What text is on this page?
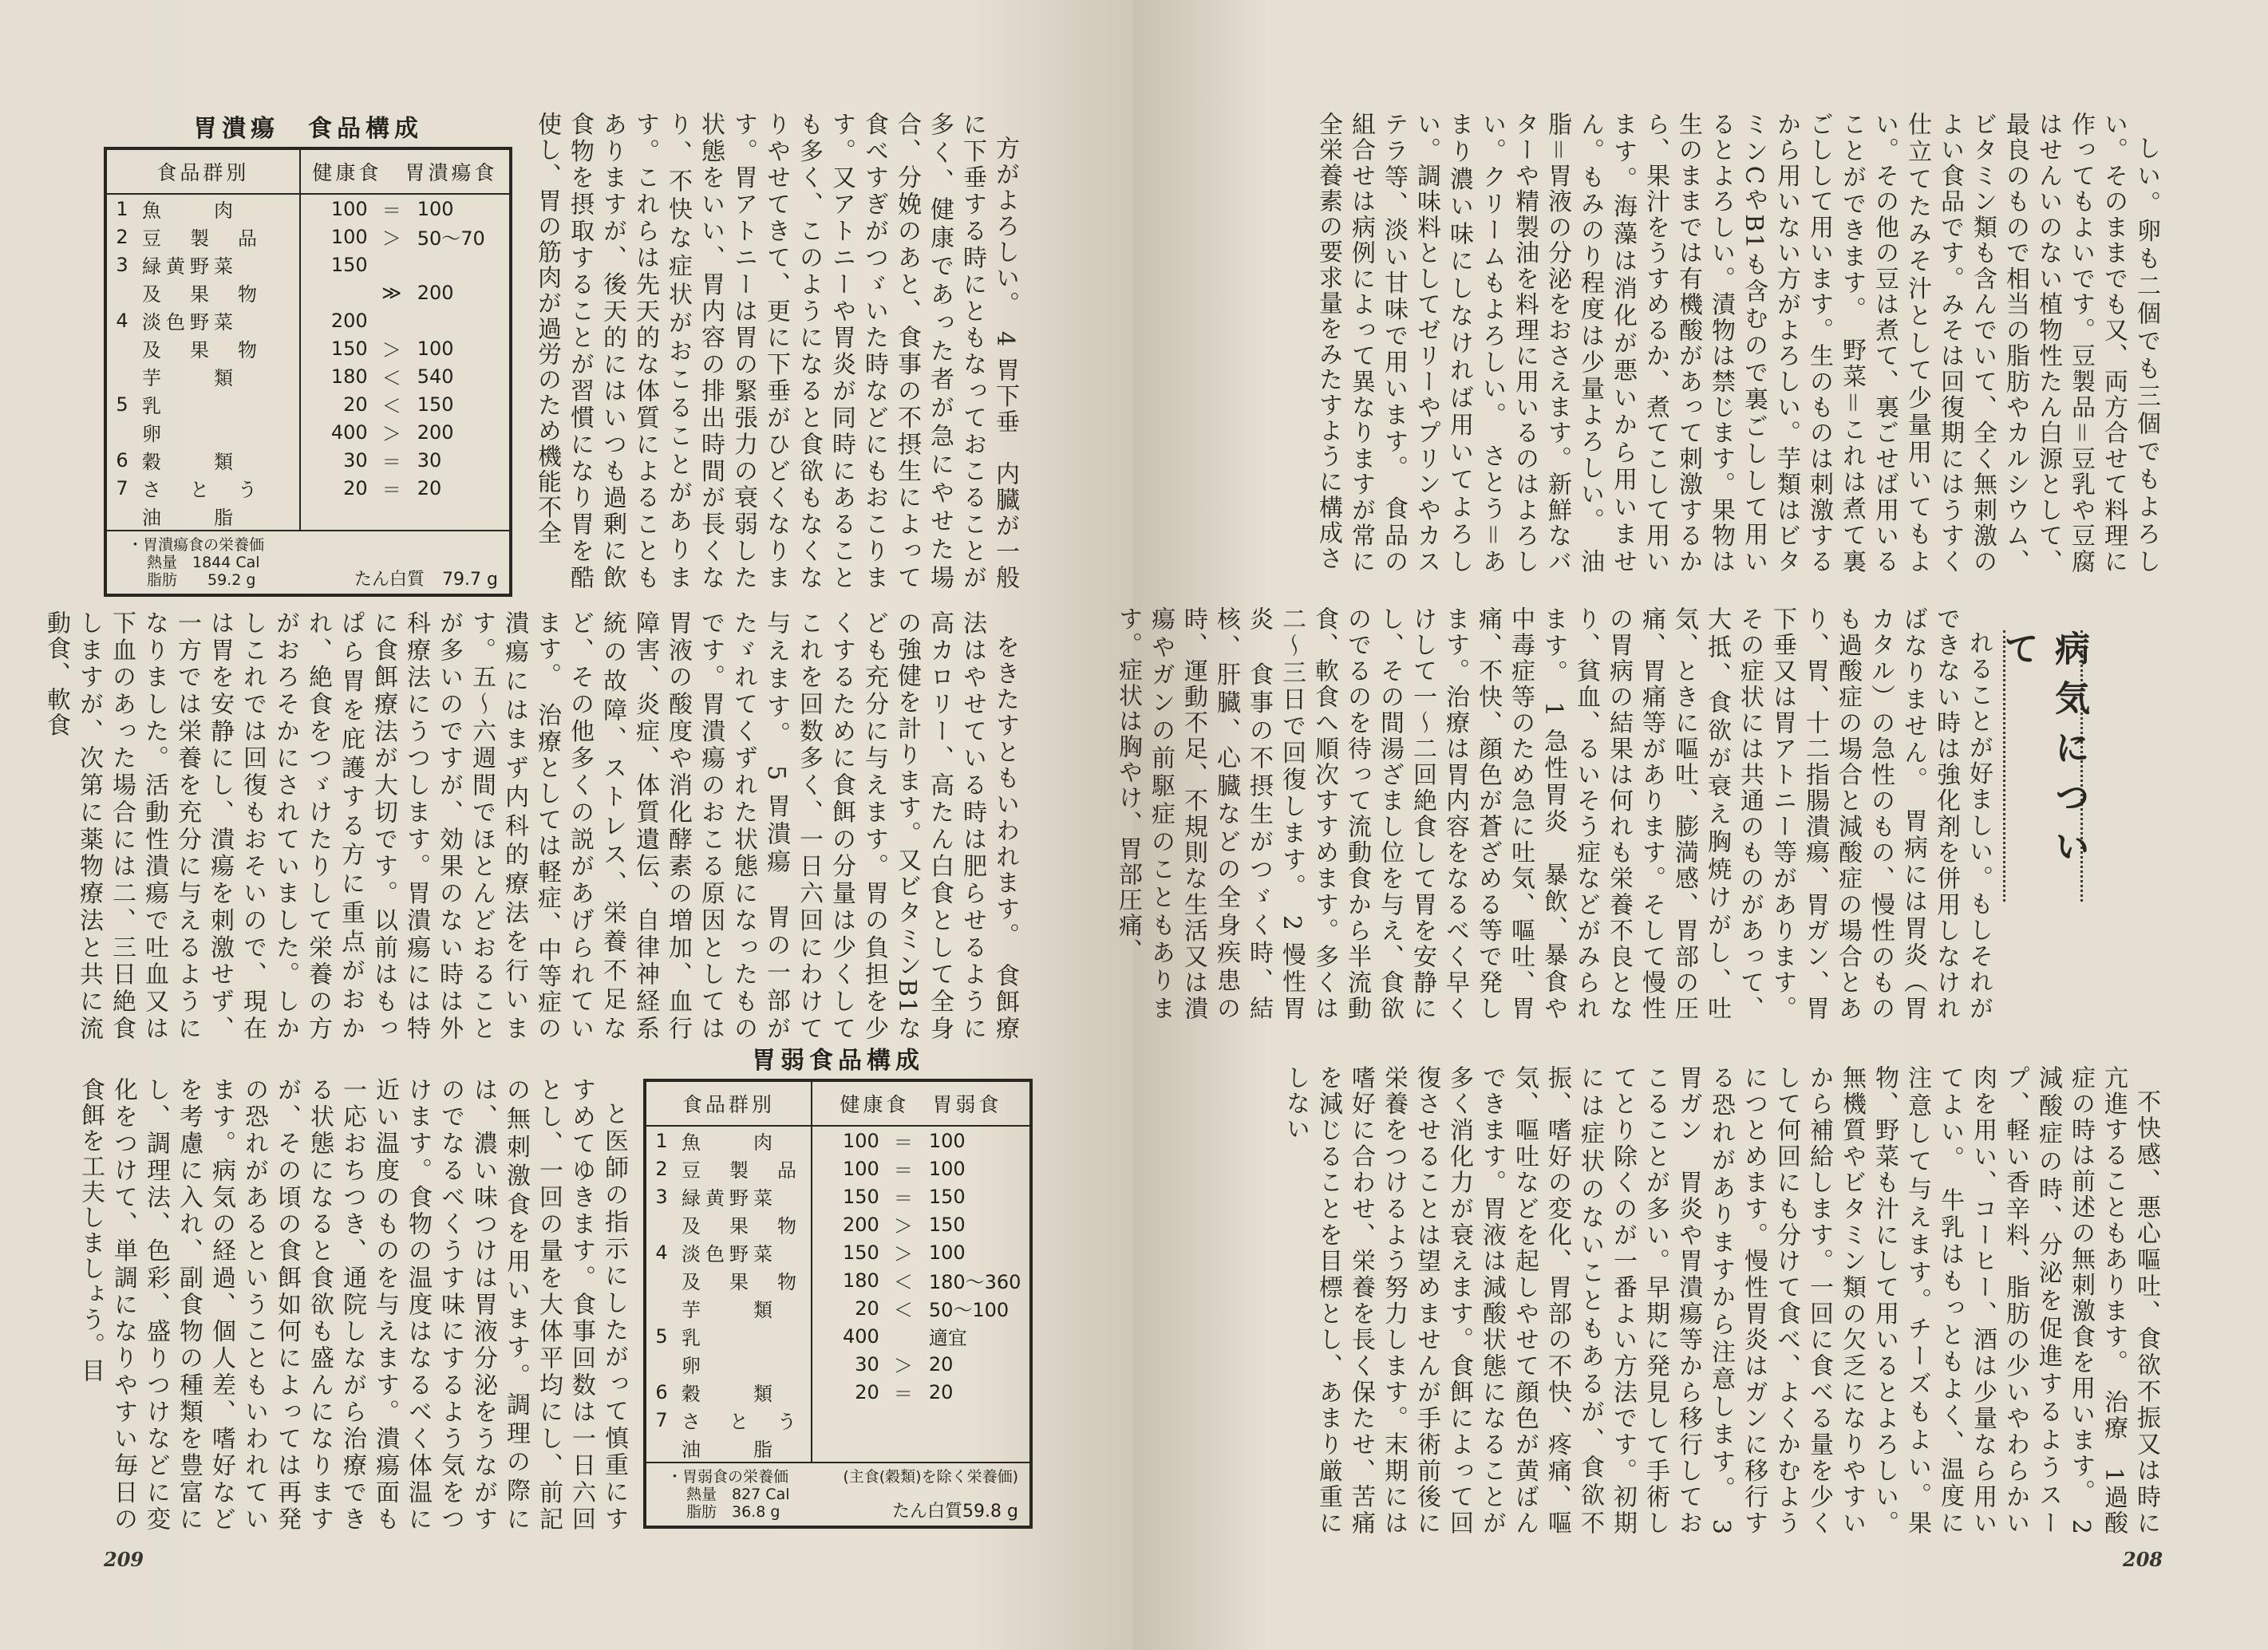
胃潰瘍　食品構成
食品群別		健康食　 胃潰瘍食		
1	魚　　肉	100	＝	100
2	豆　製　品	100	＞	50〜70
3	緑黄野菜	150		
	及　果　物		≫	200
4	淡色野菜	200		
	及　果　物	150	＞	100
	芋　　類	180	＜	540
5	乳	20	＜	150
	卵	400	＞	200
6	穀　　類	30	＝	30
7	さ　と　う	20	＝	20
	油　　脂			
・胃潰瘍食の栄養価
熱量　1844 Cal
脂肪　　59.2 g	たん白質　79.7 g	方がよろしい。　4 胃下垂　内臓が一般に下垂する時にともなっておこることが多く、健康であった者が急にやせた場合、分娩のあと、食事の不摂生によって食べすぎがつゞいた時などにもおこります。又アトニーや胃炎が同時にあることも多く、このようになると食欲もなくなりやせてきて、更に下垂がひどくなります。胃アトニーは胃の緊張力の衰弱した状態をいい、胃内容の排出時間が長くなり、不快な症状がおこることがあります。これらは先天的な体質によることもありますが、後天的にはいつも過剰に飲食物を摂取することが習慣になり胃を酷使し、胃の筋肉が過労のため機能不全

をきたすともいわれます。　食餌療法はやせている時は肥らせるように高カロリー、高たん白食として全身の強健を計ります。又ビタミンB1なども充分に与えます。胃の負担を少くするために食餌の分量は少くしてこれを回数多く、一日六回にわけて与えます。　5 胃潰瘍　胃の一部がたゞれてくずれた状態になったものです。胃潰瘍のおこる原因としては胃液の酸度や消化酵素の増加、血行障害、炎症、体質遺伝、自律神経系統の故障、ストレス、栄養不足など、その他多くの説があげられています。　治療としては軽症、中等症の潰瘍にはまず内科的療法を行います。五〜六週間でほとんどおることが多いのですが、効果のない時は外科療法にうつします。胃潰瘍には特に食餌療法が大切です。以前はもっぱら胃を庇護する方に重点がおかれ、絶食をつゞけたりして栄養の方がおろそかにされていました。しかしこれでは回復もおそいので、現在は胃を安静にし、潰瘍を刺激せず、一方では栄養を充分に与えるようになりました。活動性潰瘍で吐血又は下血のあった場合には二、三日絶食しますが、次第に薬物療法と共に流動食、軟食

と医師の指示にしたがって慎重にすすめてゆきます。食事回数は一日六回とし、一回の量を大体平均にし、前記の無刺激食を用います。調理の際には、濃い味つけは胃液分泌をうながすのでなるべくうす味にするよう気をつけます。食物の温度はなるべく体温に近い温度のものを与えます。潰瘍面も一応おちつき、通院しながら治療できる状態になると食欲も盛んになりますが、その頃の食餌如何によっては再発の恐れがあるということもいわれています。病気の経過、個人差、嗜好などを考慮に入れ、副食物の種類を豊富にし、調理法、色彩、盛りつけなどに変化をつけて、単調になりやすい毎日の食餌を工夫しましょう。目

胃弱食品構成
食品群別		健康食　 胃弱食		
1	魚　　肉	100	＝	100
2	豆　製　品	100	＝	100
3	緑黄野菜	150	＝	150
	及　果　物	200	＞	150
4	淡色野菜	150	＞	100
	及　果　物	180	＜	180〜360
	芋　　類	20	＜	50〜100
5	乳	400		適宜
	卵	30	＞	20
6	穀　　類	20	＝	20
7	さ　と　う			
	油　　脂			
・胃弱食の栄養価	(主食(穀類)を除く栄養価)
熱量　827 Cal
脂肪　36.8 g	たん白質59.8 g
209

しい。卵も二個でも三個でもよろしい。そのままでも又、両方合せて料理に作ってもよいです。豆製品＝豆乳や豆腐はせんいのない植物性たん白源として、最良のもので相当の脂肪やカルシウム、ビタミン類も含んでいて、全く無刺激のよい食品です。みそは回復期にはうすく仕立てたみそ汁として少量用いてもよい。その他の豆は煮て、裏ごせば用いることができます。　野菜＝これは煮て裏ごしして用います。生のものは刺激するから用いない方がよろしい。芋類はビタミンCやB1も含むので裏ごしして用いるとよろしい。漬物は禁じます。果物は生のままでは有機酸があって刺激するから、果汁をうすめるか、煮てこして用います。海藻は消化が悪いから用いません。もみのり程度は少量よろしい。　油脂＝胃液の分泌をおさえます。新鮮なバターや精製油を料理に用いるのはよろしい。クリームもよろしい。　さとう＝あまり濃い味にしなければ用いてよろしい。調味料としてゼリーやプリンやカステラ等、淡い甘味で用います。　食品の組合せは病例によって異なりますが常に全栄養素の要求量をみたすように構成さ

病気について

れることが好ましい。もしそれができない時は強化剤を併用しなければなりません。　胃病には胃炎（胃カタル）の急性のもの、慢性のものも過酸症の場合と減酸症の場合とあり、胃、十二指腸潰瘍、胃ガン、胃下垂又は胃アトニー等があります。その症状には共通のものがあって、大抵、食欲が衰え胸焼けがし、吐気、ときに嘔吐、膨満感、胃部の圧痛、胃痛等があります。そして慢性の胃病の結果は何れも栄養不良となり、貧血、るいそう症などがみられます。　1 急性胃炎　暴飲、暴食や中毒症等のため急に吐気、嘔吐、胃痛、不快、顔色が蒼ざめる等で発します。治療は胃内容をなるべく早くけして一〜二回絶食して胃を安静にし、その間湯ざまし位を与え、食欲のでるのを待って流動食から半流動食、軟食へ順次すすめます。多くは二〜三日で回復します。　2 慢性胃炎　食事の不摂生がつゞく時、結核、肝臓、心臓などの全身疾患の時、運動不足、不規則な生活又は潰瘍やガンの前駆症のこともあります。症状は胸やけ、胃部圧痛、

不快感、悪心嘔吐、食欲不振又は時に亢進することもあります。　治療　1過酸症の時は前述の無刺激食を用います。　2減酸症の時、分泌を促進するようスープ、軽い香辛料、脂肪の少いやわらかい肉を用い、コーヒー、酒は少量なら用いてよい。　牛乳はもっともよく、温度に注意して与えます。チーズもよい。果物、野菜も汁にして用いるとよろしい。無機質やビタミン類の欠乏になりやすいから補給します。一回に食べる量を少くして何回にも分けて食べ、よくかむようにつとめます。慢性胃炎はガンに移行する恐れがありますから注意します。　3 胃ガン　胃炎や胃潰瘍等から移行しておこることが多い。早期に発見して手術してとり除くのが一番よい方法です。初期には症状のないこともあるが、食欲不振、嗜好の変化、胃部の不快、疼痛、嘔気、嘔吐などを起しやせて顔色が黄ばんできます。胃液は減酸状態になることが多く消化力が衰えます。食餌によって回復させることは望めませんが手術前後に栄養をつけるよう努力します。末期には嗜好に合わせ、栄養を長く保たせ、苦痛を減じることを目標とし、あまり厳重にしない

208
